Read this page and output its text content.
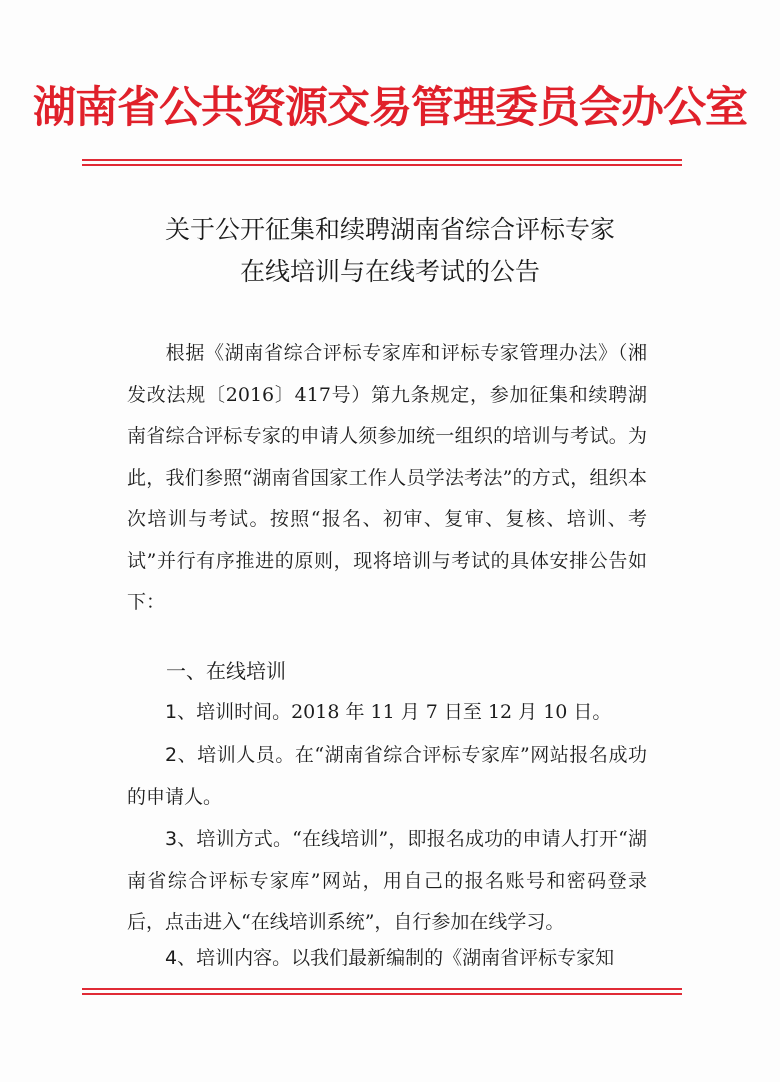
湖南省公共资源交易管理委员会办公室
关于公开征集和续聘湖南省综合评标专家
在线培训与在线考试的公告
根据《湖南省综合评标专家库和评标专家管理办法》（湘发改法规〔2016〕417号）第九条规定，参加征集和续聘湖南省综合评标专家的申请人须参加统一组织的培训与考试。为此，我们参照“湖南省国家工作人员学法考法”的方式，组织本次培训与考试。按照“报名、初审、复审、复核、培训、考试”并行有序推进的原则，现将培训与考试的具体安排公告如下：
一、在线培训
1、培训时间。2018 年 11 月 7 日至 12 月 10 日。
2、培训人员。在“湖南省综合评标专家库”网站报名成功的申请人。
3、培训方式。“在线培训”，即报名成功的申请人打开“湖南省综合评标专家库”网站，用自己的报名账号和密码登录后，点击进入“在线培训系统”，自行参加在线学习。
4、培训内容。以我们最新编制的《湖南省评标专家知
